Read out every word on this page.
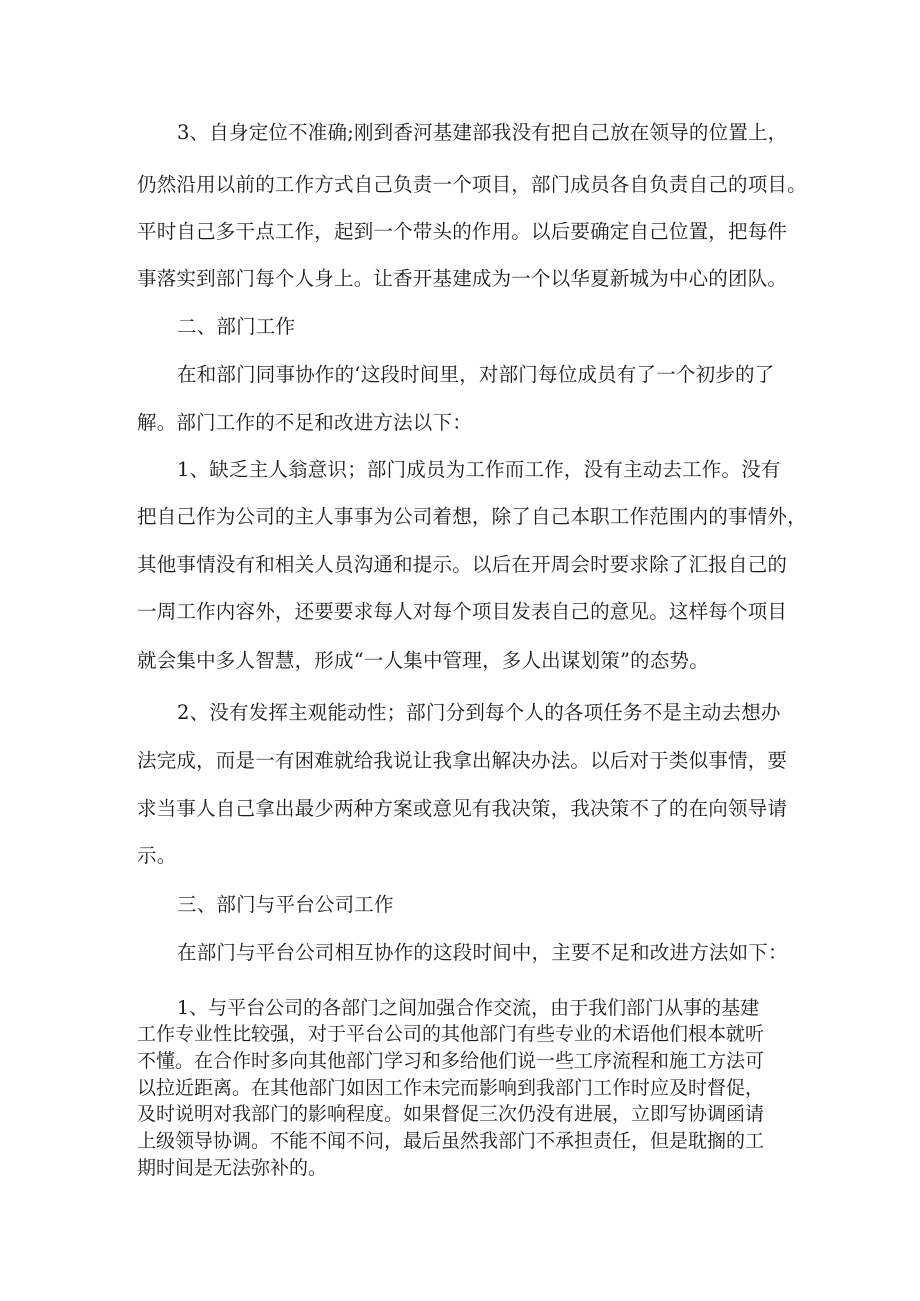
3、自身定位不准确;刚到香河基建部我没有把自己放在领导的位置上，

仍然沿用以前的工作方式自己负责一个项目，部门成员各自负责自己的项目。

平时自己多干点工作，起到一个带头的作用。以后要确定自己位置，把每件

事落实到部门每个人身上。让香开基建成为一个以华夏新城为中心的团队。

二、部门工作

在和部门同事协作的‘这段时间里，对部门每位成员有了一个初步的了

解。部门工作的不足和改进方法以下：

1、缺乏主人翁意识；部门成员为工作而工作，没有主动去工作。没有

把自己作为公司的主人事事为公司着想，除了自己本职工作范围内的事情外，

其他事情没有和相关人员沟通和提示。以后在开周会时要求除了汇报自己的

一周工作内容外，还要要求每人对每个项目发表自己的意见。这样每个项目

就会集中多人智慧，形成“一人集中管理，多人出谋划策”的态势。

2、没有发挥主观能动性；部门分到每个人的各项任务不是主动去想办

法完成，而是一有困难就给我说让我拿出解决办法。以后对于类似事情，要

求当事人自己拿出最少两种方案或意见有我决策，我决策不了的在向领导请

示。

三、部门与平台公司工作

在部门与平台公司相互协作的这段时间中，主要不足和改进方法如下：

1、与平台公司的各部门之间加强合作交流，由于我们部门从事的基建

工作专业性比较强，对于平台公司的其他部门有些专业的术语他们根本就听

不懂。在合作时多向其他部门学习和多给他们说一些工序流程和施工方法可

以拉近距离。在其他部门如因工作未完而影响到我部门工作时应及时督促，

及时说明对我部门的影响程度。如果督促三次仍没有进展，立即写协调函请

上级领导协调。不能不闻不问，最后虽然我部门不承担责任，但是耽搁的工

期时间是无法弥补的。
